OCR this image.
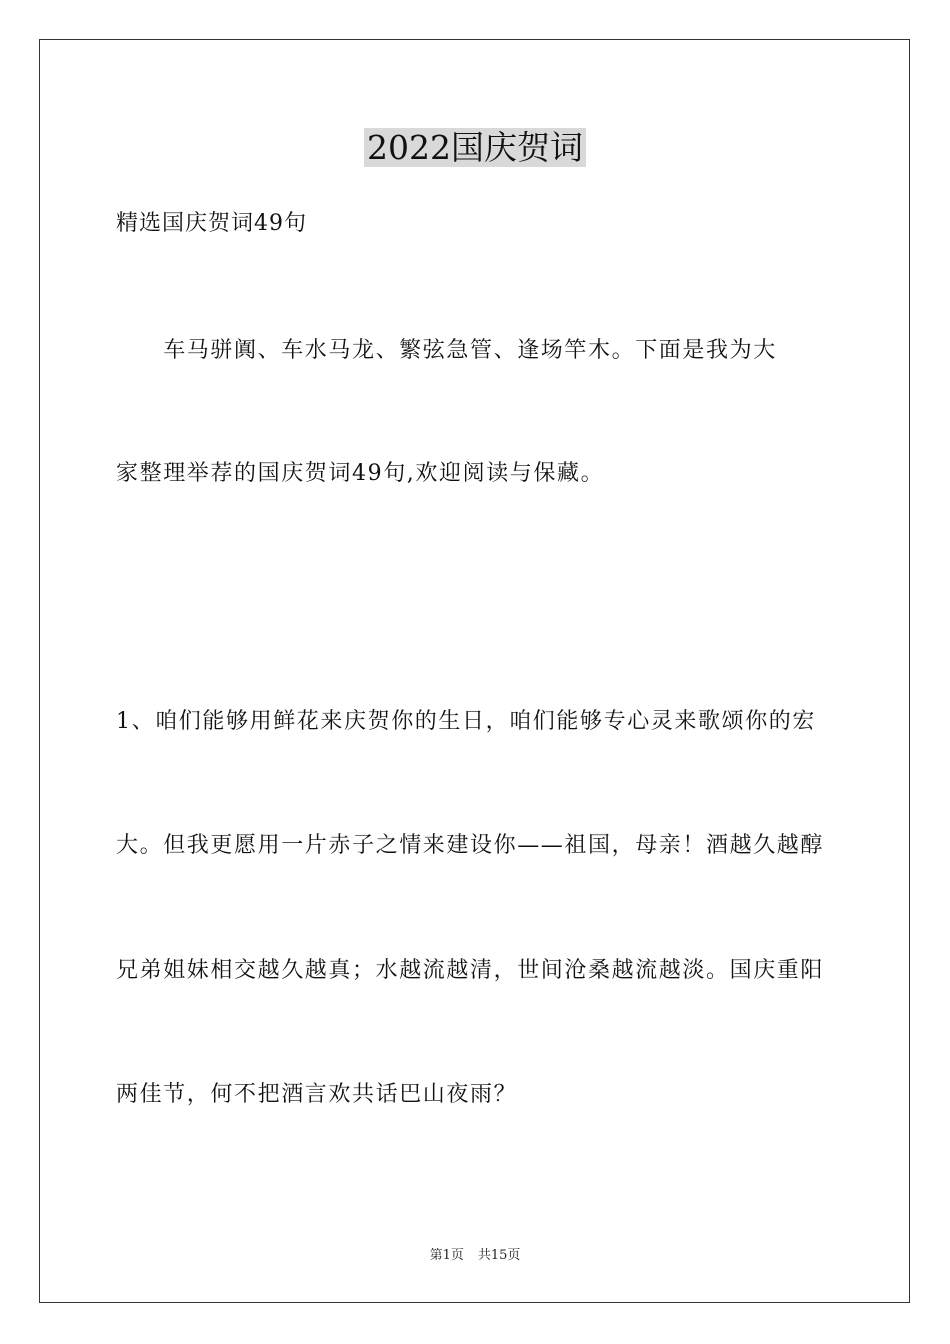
2022国庆贺词
精选国庆贺词49句
　　车马骈阗、车水马龙、繁弦急管、逢场竿木。下面是我为大
家整理举荐的国庆贺词49句,欢迎阅读与保藏。
1、咱们能够用鲜花来庆贺你的生日，咱们能够专心灵来歌颂你的宏
大。但我更愿用一片赤子之情来建设你——祖国，母亲！酒越久越醇
兄弟姐妹相交越久越真；水越流越清，世间沧桑越流越淡。国庆重阳
两佳节，何不把酒言欢共话巴山夜雨？
第1页 共15页
